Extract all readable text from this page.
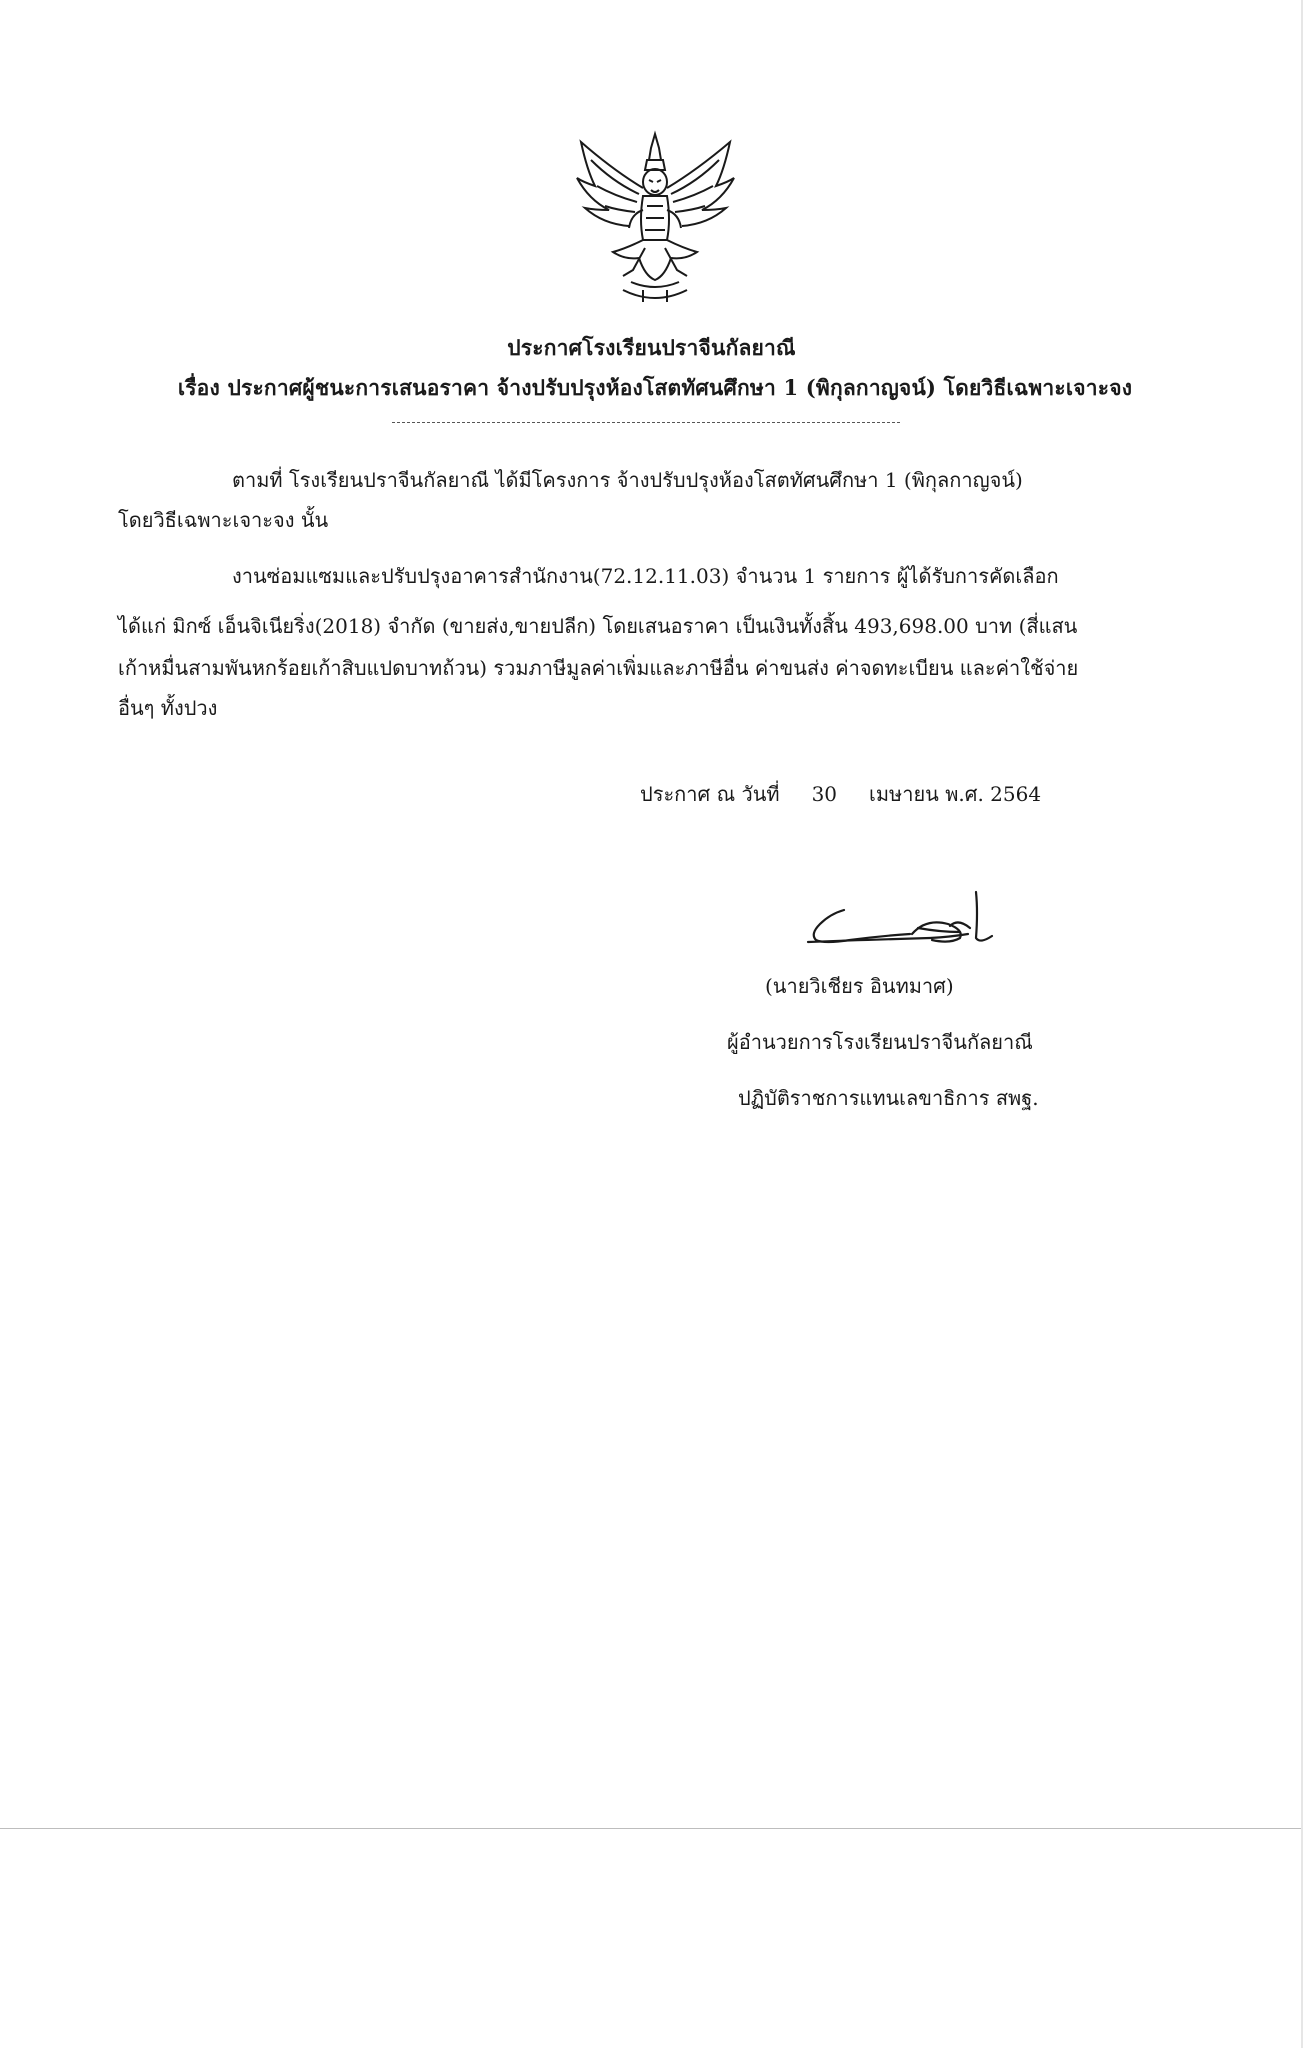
ประกาศโรงเรียนปราจีนกัลยาณี
เรื่อง ประกาศผู้ชนะการเสนอราคา จ้างปรับปรุงห้องโสตทัศนศึกษา 1 (พิกุลกาญจน์) โดยวิธีเฉพาะเจาะจง
ตามที่ โรงเรียนปราจีนกัลยาณี ได้มีโครงการ จ้างปรับปรุงห้องโสตทัศนศึกษา 1 (พิกุลกาญจน์)
โดยวิธีเฉพาะเจาะจง นั้น
งานซ่อมแซมและปรับปรุงอาคารสำนักงาน(72.12.11.03) จำนวน 1 รายการ ผู้ได้รับการคัดเลือก
ได้แก่ มิกซ์ เอ็นจิเนียริ่ง(2018) จำกัด (ขายส่ง,ขายปลีก) โดยเสนอราคา เป็นเงินทั้งสิ้น 493,698.00 บาท (สี่แสน
เก้าหมื่นสามพันหกร้อยเก้าสิบแปดบาทถ้วน) รวมภาษีมูลค่าเพิ่มและภาษีอื่น ค่าขนส่ง ค่าจดทะเบียน และค่าใช้จ่าย
อื่นๆ ทั้งปวง
ประกาศ ณ วันที่ 30 เมษายน พ.ศ. 2564
(นายวิเชียร อินทมาศ)
ผู้อำนวยการโรงเรียนปราจีนกัลยาณี
ปฏิบัติราชการแทนเลขาธิการ สพฐ.
